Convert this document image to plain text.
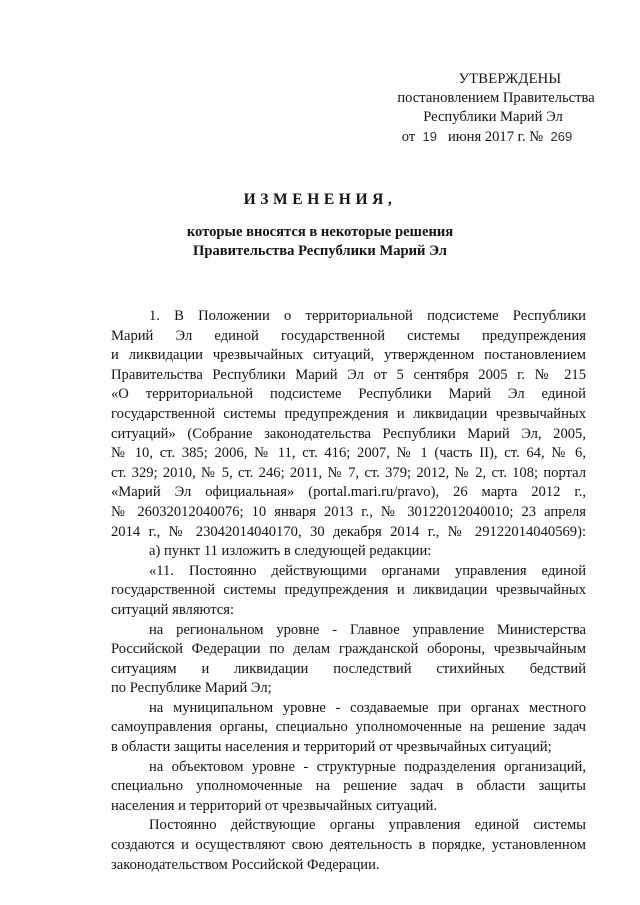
УТВЕРЖДЕНЫ
постановлением Правительства
Республики Марий Эл
от 19 июня 2017 г. № 269
ИЗМЕНЕНИЯ,
которые вносятся в некоторые решения
Правительства Республики Марий Эл
1. В Положении о территориальной подсистеме Республики
Марий Эл единой государственной системы предупреждения
и ликвидации чрезвычайных ситуаций, утвержденном постановлением
Правительства Республики Марий Эл от 5 сентября 2005 г. № 215
«О территориальной подсистеме Республики Марий Эл единой
государственной системы предупреждения и ликвидации чрезвычайных
ситуаций» (Собрание законодательства Республики Марий Эл, 2005,
№ 10, ст. 385; 2006, № 11, ст. 416; 2007, № 1 (часть II), ст. 64, № 6,
ст. 329; 2010, № 5, ст. 246; 2011, № 7, ст. 379; 2012, № 2, ст. 108; портал
«Марий Эл официальная» (portal.mari.ru/pravo), 26 марта 2012 г.,
№ 26032012040076; 10 января 2013 г., № 30122012040010; 23 апреля
2014 г., № 23042014040170, 30 декабря 2014 г., № 29122014040569):
а) пункт 11 изложить в следующей редакции:
«11. Постоянно действующими органами управления единой
государственной системы предупреждения и ликвидации чрезвычайных
ситуаций являются:
на региональном уровне - Главное управление Министерства
Российской Федерации по делам гражданской обороны, чрезвычайным
ситуациям и ликвидации последствий стихийных бедствий
по Республике Марий Эл;
на муниципальном уровне - создаваемые при органах местного
самоуправления органы, специально уполномоченные на решение задач
в области защиты населения и территорий от чрезвычайных ситуаций;
на объектовом уровне - структурные подразделения организаций,
специально уполномоченные на решение задач в области защиты
населения и территорий от чрезвычайных ситуаций.
Постоянно действующие органы управления единой системы
создаются и осуществляют свою деятельность в порядке, установленном
законодательством Российской Федерации.
